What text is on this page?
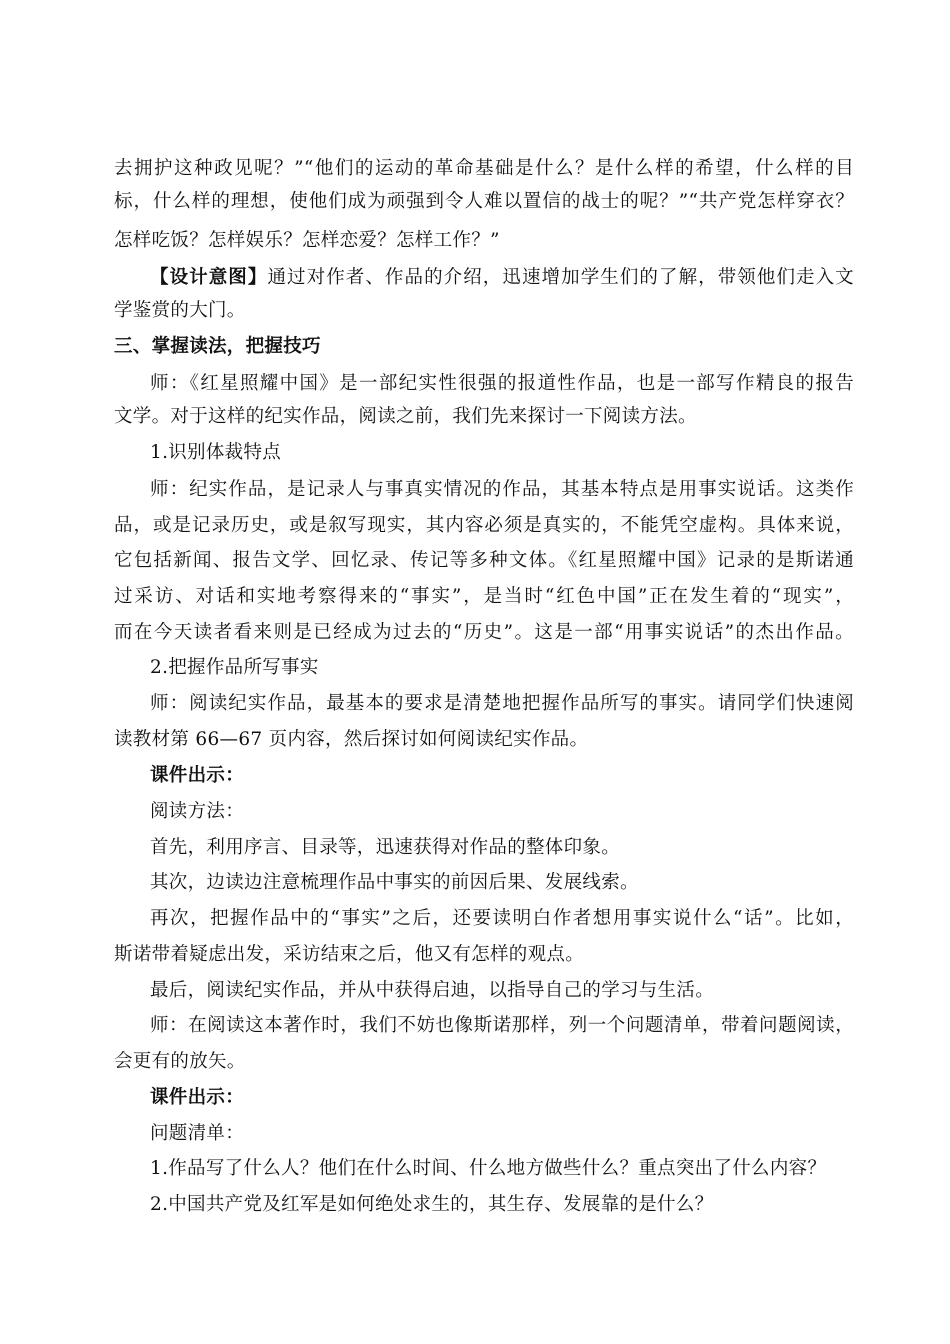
去拥护这种政见呢？”“他们的运动的革命基础是什么？是什么样的希望，什么样的目
标，什么样的理想，使他们成为顽强到令人难以置信的战士的呢？”“共产党怎样穿衣？
怎样吃饭？怎样娱乐？怎样恋爱？怎样工作？”
【设计意图】通过对作者、作品的介绍，迅速增加学生们的了解，带领他们走入文
学鉴赏的大门。
三、掌握读法，把握技巧
师：《红星照耀中国》是一部纪实性很强的报道性作品，也是一部写作精良的报告
文学。对于这样的纪实作品，阅读之前，我们先来探讨一下阅读方法。
1.识别体裁特点
师：纪实作品，是记录人与事真实情况的作品，其基本特点是用事实说话。这类作
品，或是记录历史，或是叙写现实，其内容必须是真实的，不能凭空虚构。具体来说，
它包括新闻、报告文学、回忆录、传记等多种文体。《红星照耀中国》记录的是斯诺通
过采访、对话和实地考察得来的“事实”，是当时“红色中国”正在发生着的“现实”，
而在今天读者看来则是已经成为过去的“历史”。这是一部“用事实说话”的杰出作品。
2.把握作品所写事实
师：阅读纪实作品，最基本的要求是清楚地把握作品所写的事实。请同学们快速阅
读教材第 66—67 页内容，然后探讨如何阅读纪实作品。
课件出示：
阅读方法：
首先，利用序言、目录等，迅速获得对作品的整体印象。
其次，边读边注意梳理作品中事实的前因后果、发展线索。
再次，把握作品中的“事实”之后，还要读明白作者想用事实说什么“话”。比如，
斯诺带着疑虑出发，采访结束之后，他又有怎样的观点。
最后，阅读纪实作品，并从中获得启迪，以指导自己的学习与生活。
师：在阅读这本著作时，我们不妨也像斯诺那样，列一个问题清单，带着问题阅读，
会更有的放矢。
课件出示：
问题清单：
1.作品写了什么人？他们在什么时间、什么地方做些什么？重点突出了什么内容？
2.中国共产党及红军是如何绝处求生的，其生存、发展靠的是什么？
